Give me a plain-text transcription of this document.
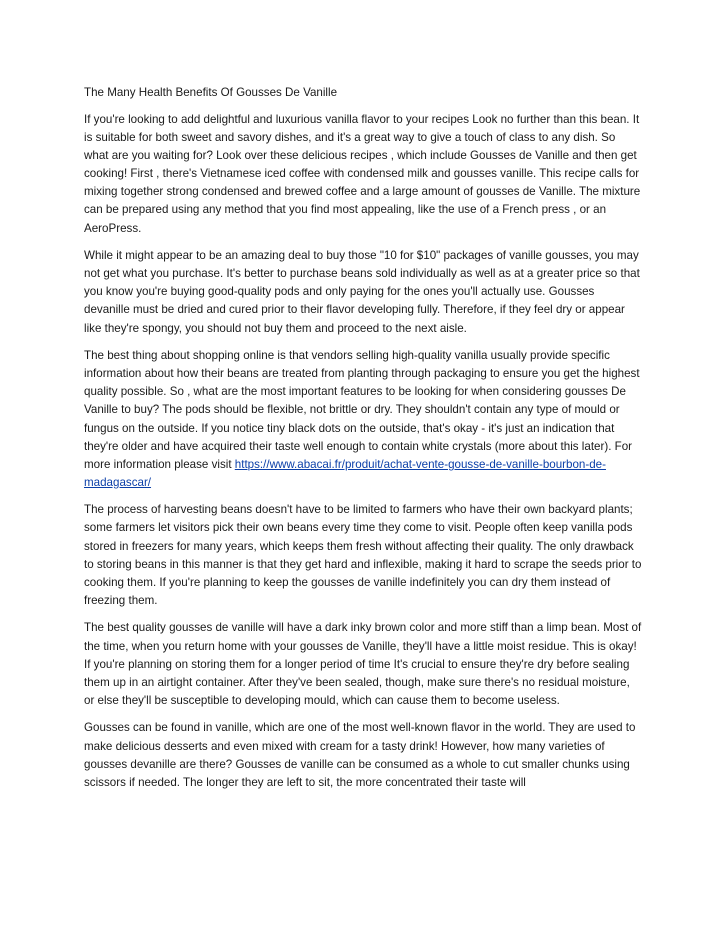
The Many Health Benefits Of Gousses De Vanille

If you're looking to add delightful and luxurious vanilla flavor to your recipes Look no further than this bean. It is suitable for both sweet and savory dishes, and it's a great way to give a touch of class to any dish. So what are you waiting for? Look over these delicious recipes , which include Gousses de Vanille and then get cooking! First , there's Vietnamese iced coffee with condensed milk and gousses vanille. This recipe calls for mixing together strong condensed and brewed coffee and a large amount of gousses de Vanille. The mixture can be prepared using any method that you find most appealing, like the use of a French press , or an AeroPress.

While it might appear to be an amazing deal to buy those "10 for $10" packages of vanille gousses, you may not get what you purchase. It's better to purchase beans sold individually as well as at a greater price so that you know you're buying good-quality pods and only paying for the ones you'll actually use. Gousses devanille must be dried and cured prior to their flavor developing fully. Therefore, if they feel dry or appear like they're spongy, you should not buy them and proceed to the next aisle.

The best thing about shopping online is that vendors selling high-quality vanilla usually provide specific information about how their beans are treated from planting through packaging to ensure you get the highest quality possible. So , what are the most important features to be looking for when considering gousses De Vanille to buy? The pods should be flexible, not brittle or dry. They shouldn't contain any type of mould or fungus on the outside. If you notice tiny black dots on the outside, that's okay - it's just an indication that they're older and have acquired their taste well enough to contain white crystals (more about this later). For more information please visit https://www.abacai.fr/produit/achat-vente-gousse-de-vanille-bourbon-de-madagascar/

The process of harvesting beans doesn't have to be limited to farmers who have their own backyard plants; some farmers let visitors pick their own beans every time they come to visit. People often keep vanilla pods stored in freezers for many years, which keeps them fresh without affecting their quality. The only drawback to storing beans in this manner is that they get hard and inflexible, making it hard to scrape the seeds prior to cooking them. If you're planning to keep the gousses de vanille indefinitely you can dry them instead of freezing them.

The best quality gousses de vanille will have a dark inky brown color and more stiff than a limp bean. Most of the time, when you return home with your gousses de Vanille, they'll have a little moist residue. This is okay! If you're planning on storing them for a longer period of time It's crucial to ensure they're dry before sealing them up in an airtight container. After they've been sealed, though, make sure there's no residual moisture, or else they'll be susceptible to developing mould, which can cause them to become useless.

Gousses can be found in vanille, which are one of the most well-known flavor in the world. They are used to make delicious desserts and even mixed with cream for a tasty drink! However, how many varieties of gousses devanille are there? Gousses de vanille can be consumed as a whole to cut smaller chunks using scissors if needed. The longer they are left to sit, the more concentrated their taste will
